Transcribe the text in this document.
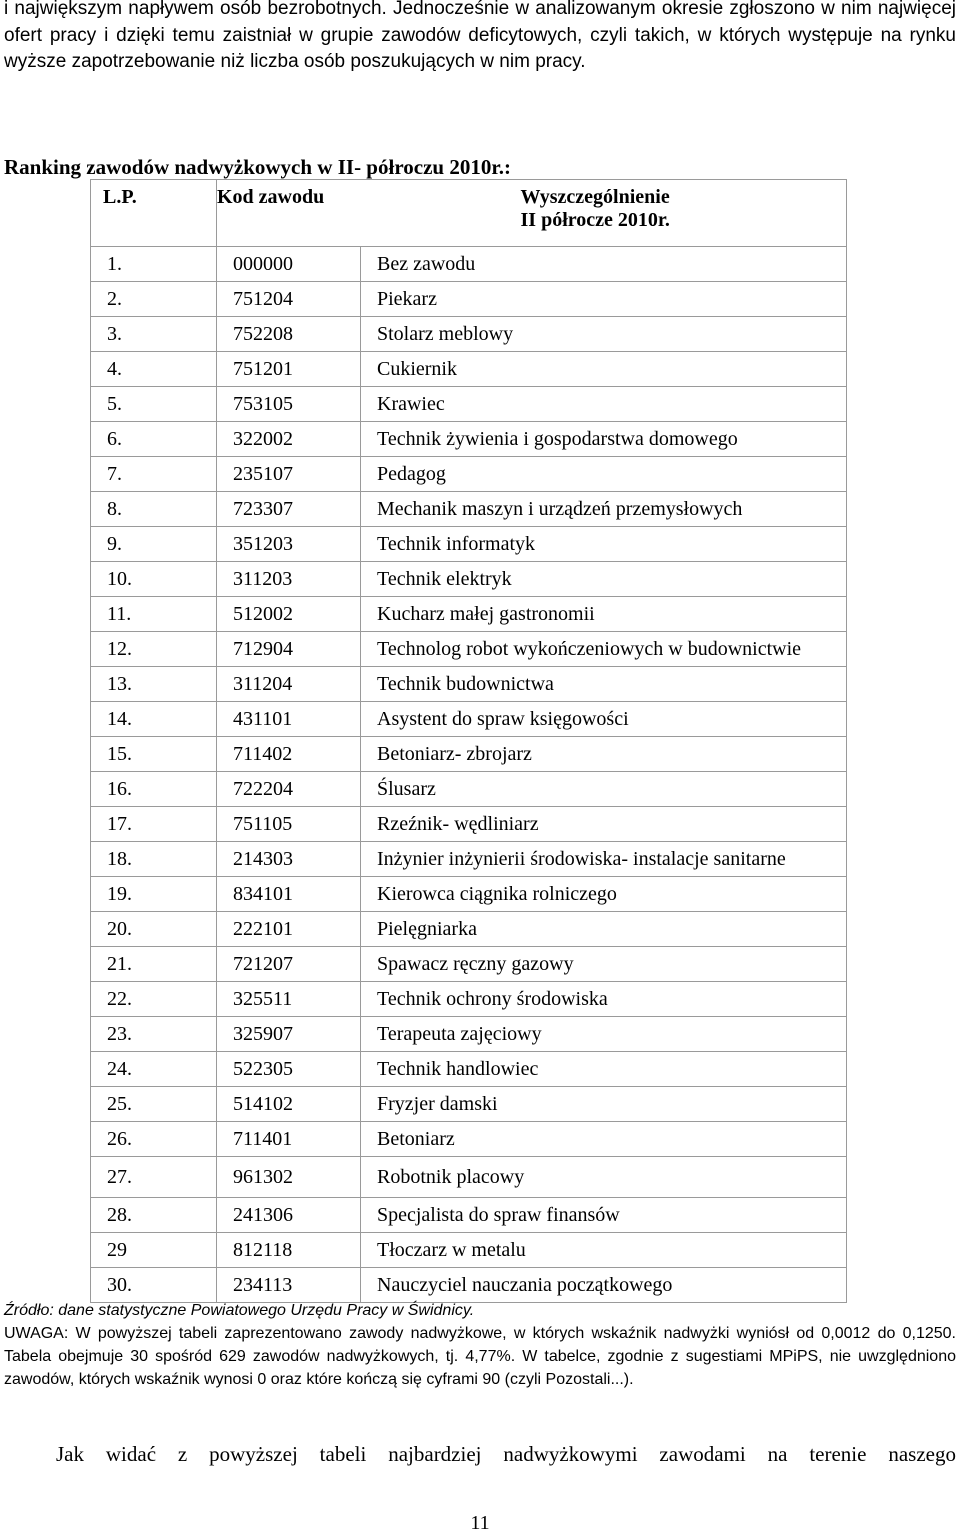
i największym napływem osób bezrobotnych. Jednocześnie w analizowanym okresie zgłoszono w nim najwięcej ofert pracy i dzięki temu zaistniał w grupie zawodów deficytowych, czyli takich, w których występuje na rynku wyższe zapotrzebowanie niż liczba osób poszukujących w nim pracy.

Ranking zawodów nadwyżkowych w II- półroczu 2010r.:
L.P.	Kod zawodu	Wyszczególnienie
II półrocze 2010r.
1.	000000	Bez zawodu
2.	751204	Piekarz
3.	752208	Stolarz meblowy
4.	751201	Cukiernik
5.	753105	Krawiec
6.	322002	Technik żywienia i gospodarstwa domowego
7.	235107	Pedagog
8.	723307	Mechanik maszyn i urządzeń przemysłowych
9.	351203	Technik informatyk
10.	311203	Technik elektryk
11.	512002	Kucharz małej gastronomii
12.	712904	Technolog robot wykończeniowych w budownictwie
13.	311204	Technik budownictwa
14.	431101	Asystent do spraw księgowości
15.	711402	Betoniarz- zbrojarz
16.	722204	Ślusarz
17.	751105	Rzeźnik- wędliniarz
18.	214303	Inżynier inżynierii środowiska- instalacje sanitarne
19.	834101	Kierowca ciągnika rolniczego
20.	222101	Pielęgniarka
21.	721207	Spawacz ręczny gazowy
22.	325511	Technik ochrony środowiska
23.	325907	Terapeuta zajęciowy
24.	522305	Technik handlowiec
25.	514102	Fryzjer damski
26.	711401	Betoniarz
27.	961302	Robotnik placowy
28.	241306	Specjalista do spraw finansów
29	812118	Tłoczarz w metalu
30.	234113	Nauczyciel nauczania początkowego

Źródło: dane statystyczne Powiatowego Urzędu Pracy w Świdnicy.

UWAGA: W powyższej tabeli zaprezentowano zawody nadwyżkowe, w których wskaźnik nadwyżki wyniósł od 0,0012 do 0,1250. Tabela obejmuje 30 spośród 629 zawodów nadwyżkowych, tj. 4,77%. W tabelce, zgodnie z sugestiami MPiPS, nie uwzględniono zawodów, których wskaźnik wynosi 0 oraz które kończą się cyframi 90 (czyli Pozostali...).

Jak widać z powyższej tabeli najbardziej nadwyżkowymi zawodami na terenie naszego

11
